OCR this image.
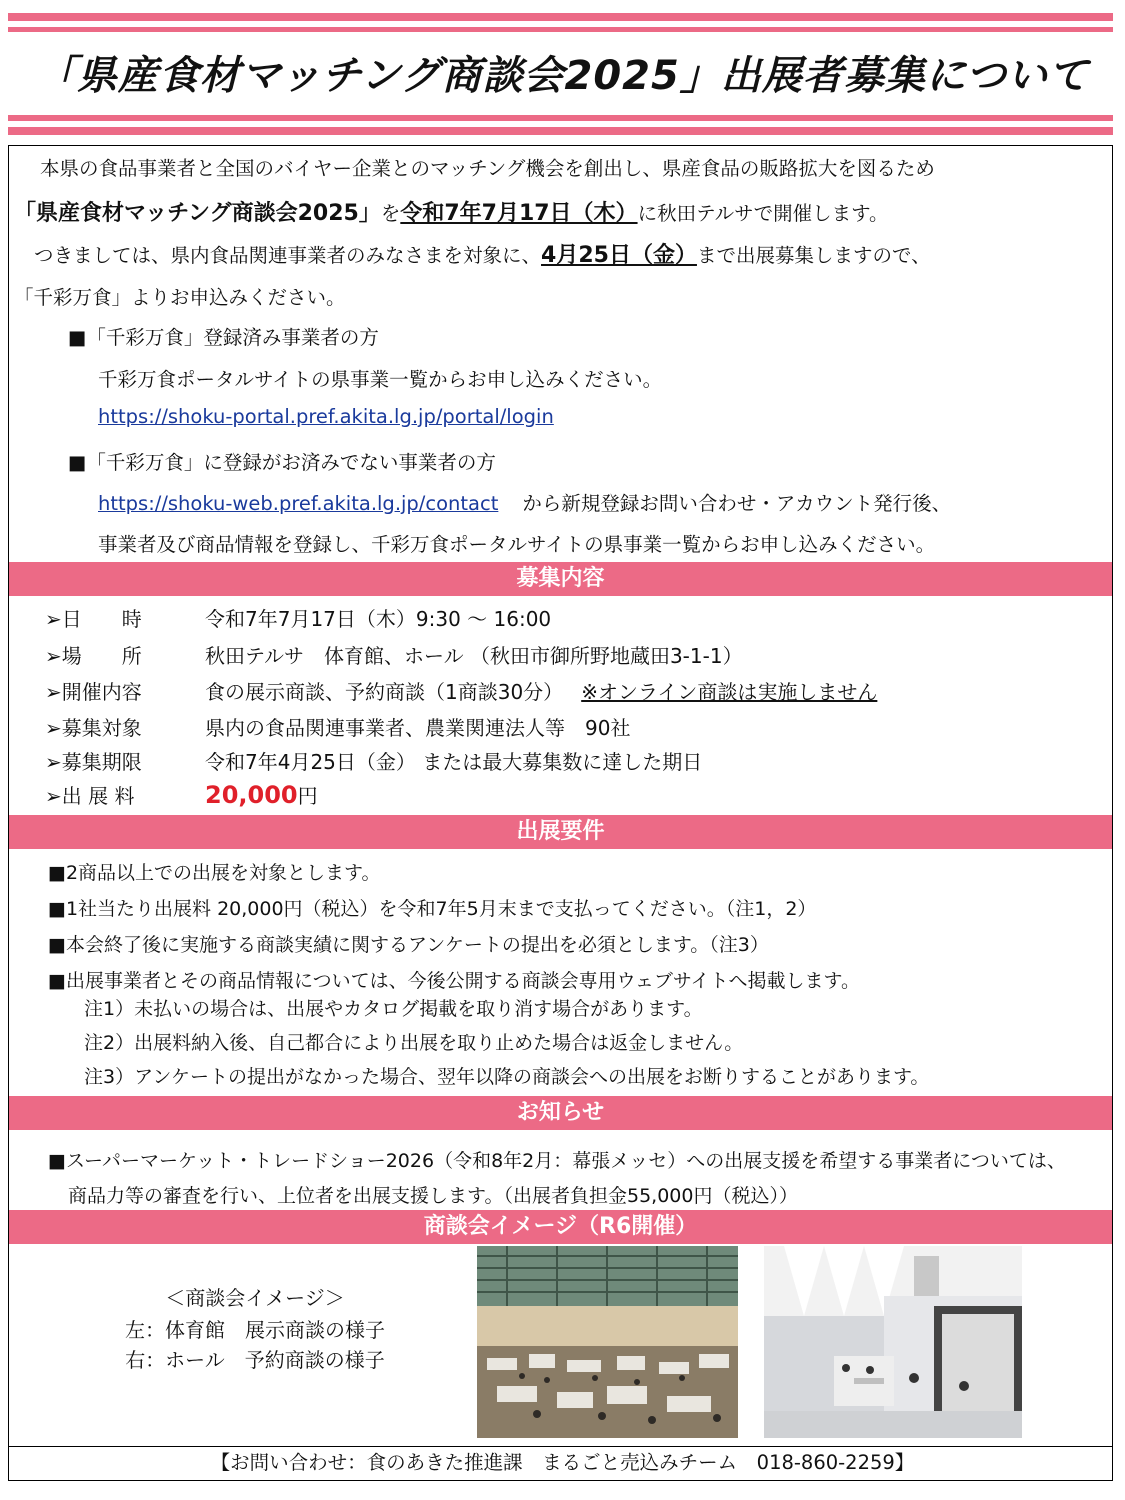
「県産食材マッチング商談会2025」出展者募集について
本県の食品事業者と全国のバイヤー企業とのマッチング機会を創出し、県産食品の販路拡大を図るため
「県産食材マッチング商談会2025」を令和7年7月17日（木）に秋田テルサで開催します。
つきましては、県内食品関連事業者のみなさまを対象に、4月25日（金）まで出展募集しますので、
「千彩万食」よりお申込みください。
■「千彩万食」登録済み事業者の方
千彩万食ポータルサイトの県事業一覧からお申し込みください。
https://shoku-portal.pref.akita.lg.jp/portal/login
■「千彩万食」に登録がお済みでない事業者の方
https://shoku-web.pref.akita.lg.jp/contact から新規登録お問い合わせ・アカウント発行後、
事業者及び商品情報を登録し、千彩万食ポータルサイトの県事業一覧からお申し込みください。
募集内容
➢日　　時	令和7年7月17日（木）9:30 ～ 16:00
➢場　　所	秋田テルサ　体育館、ホール （秋田市御所野地蔵田3-1-1）
➢開催内容	食の展示商談、予約商談（1商談30分） ※オンライン商談は実施しません
➢募集対象	県内の食品関連事業者、農業関連法人等　90社
➢募集期限	令和7年4月25日（金） または最大募集数に達した期日
➢出 展 料	20,000円
出展要件
■2商品以上での出展を対象とします。
■1社当たり出展料 20,000円（税込）を令和7年5月末まで支払ってください。（注1，2）
■本会終了後に実施する商談実績に関するアンケートの提出を必須とします。（注3）
■出展事業者とその商品情報については、今後公開する商談会専用ウェブサイトへ掲載します。
注1）未払いの場合は、出展やカタログ掲載を取り消す場合があります。
注2）出展料納入後、自己都合により出展を取り止めた場合は返金しません。
注3）アンケートの提出がなかった場合、翌年以降の商談会への出展をお断りすることがあります。
お知らせ
■スーパーマーケット・トレードショー2026（令和8年2月：幕張メッセ）への出展支援を希望する事業者については、
商品力等の審査を行い、上位者を出展支援します。（出展者負担金55,000円（税込））
商談会イメージ（R6開催）
＜商談会イメージ＞
左：体育館　展示商談の様子
右：ホール　予約商談の様子
【お問い合わせ：食のあきた推進課　まるごと売込みチーム　018-860-2259】
